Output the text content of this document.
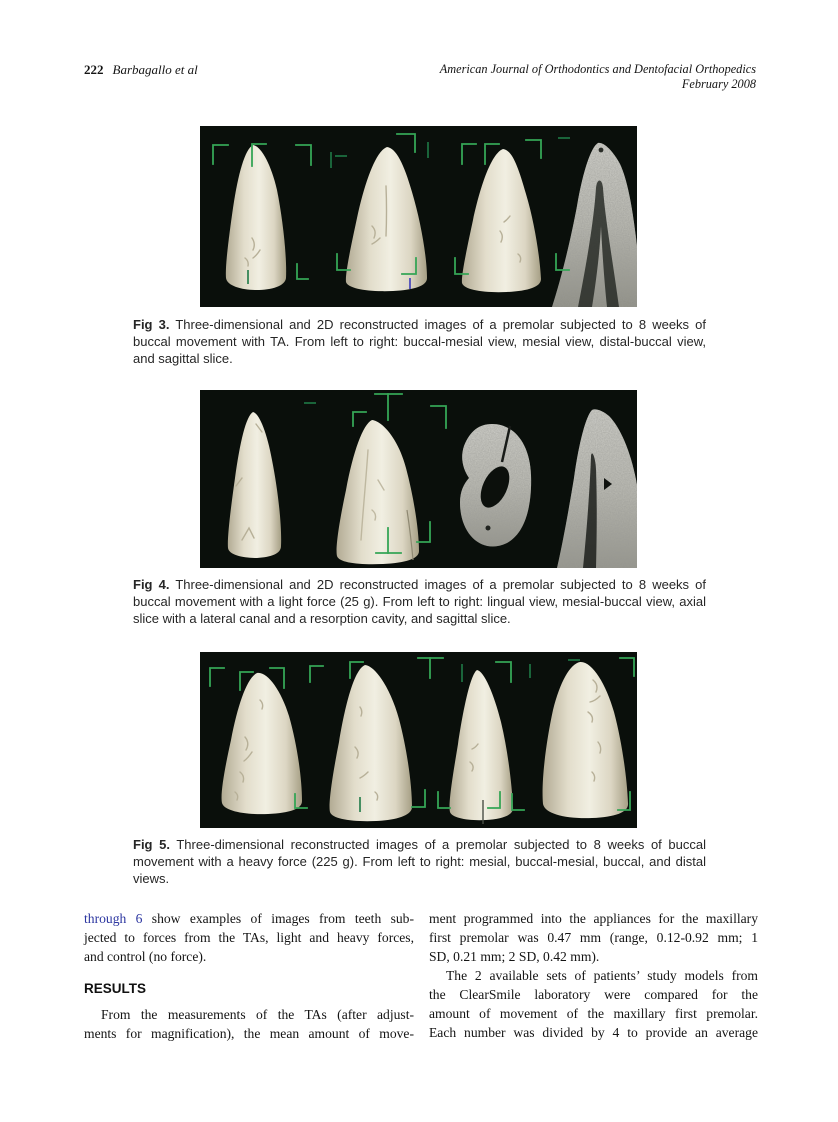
222 Barbagallo et al	American Journal of Orthodontics and Dentofacial Orthopedics
February 2008
Fig 3. Three-dimensional and 2D reconstructed images of a premolar subjected to 8 weeks of
buccal movement with TA. From left to right: buccal-mesial view, mesial view, distal-buccal view,
and sagittal slice.
Fig 4. Three-dimensional and 2D reconstructed images of a premolar subjected to 8 weeks of
buccal movement with a light force (25 g). From left to right: lingual view, mesial-buccal view, axial
slice with a lateral canal and a resorption cavity, and sagittal slice.
Fig 5. Three-dimensional reconstructed images of a premolar subjected to 8 weeks of buccal
movement with a heavy force (225 g). From left to right: mesial, buccal-mesial, buccal, and distal
views.
through 6 show examples of images from teeth sub-
jected to forces from the TAs, light and heavy forces,
and control (no force).
RESULTS
From the measurements of the TAs (after adjust-
ments for magnification), the mean amount of move-
ment programmed into the appliances for the maxillary
first premolar was 0.47 mm (range, 0.12-0.92 mm; 1
SD, 0.21 mm; 2 SD, 0.42 mm).
The 2 available sets of patients’ study models from
the ClearSmile laboratory were compared for the
amount of movement of the maxillary first premolar.
Each number was divided by 4 to provide an average
